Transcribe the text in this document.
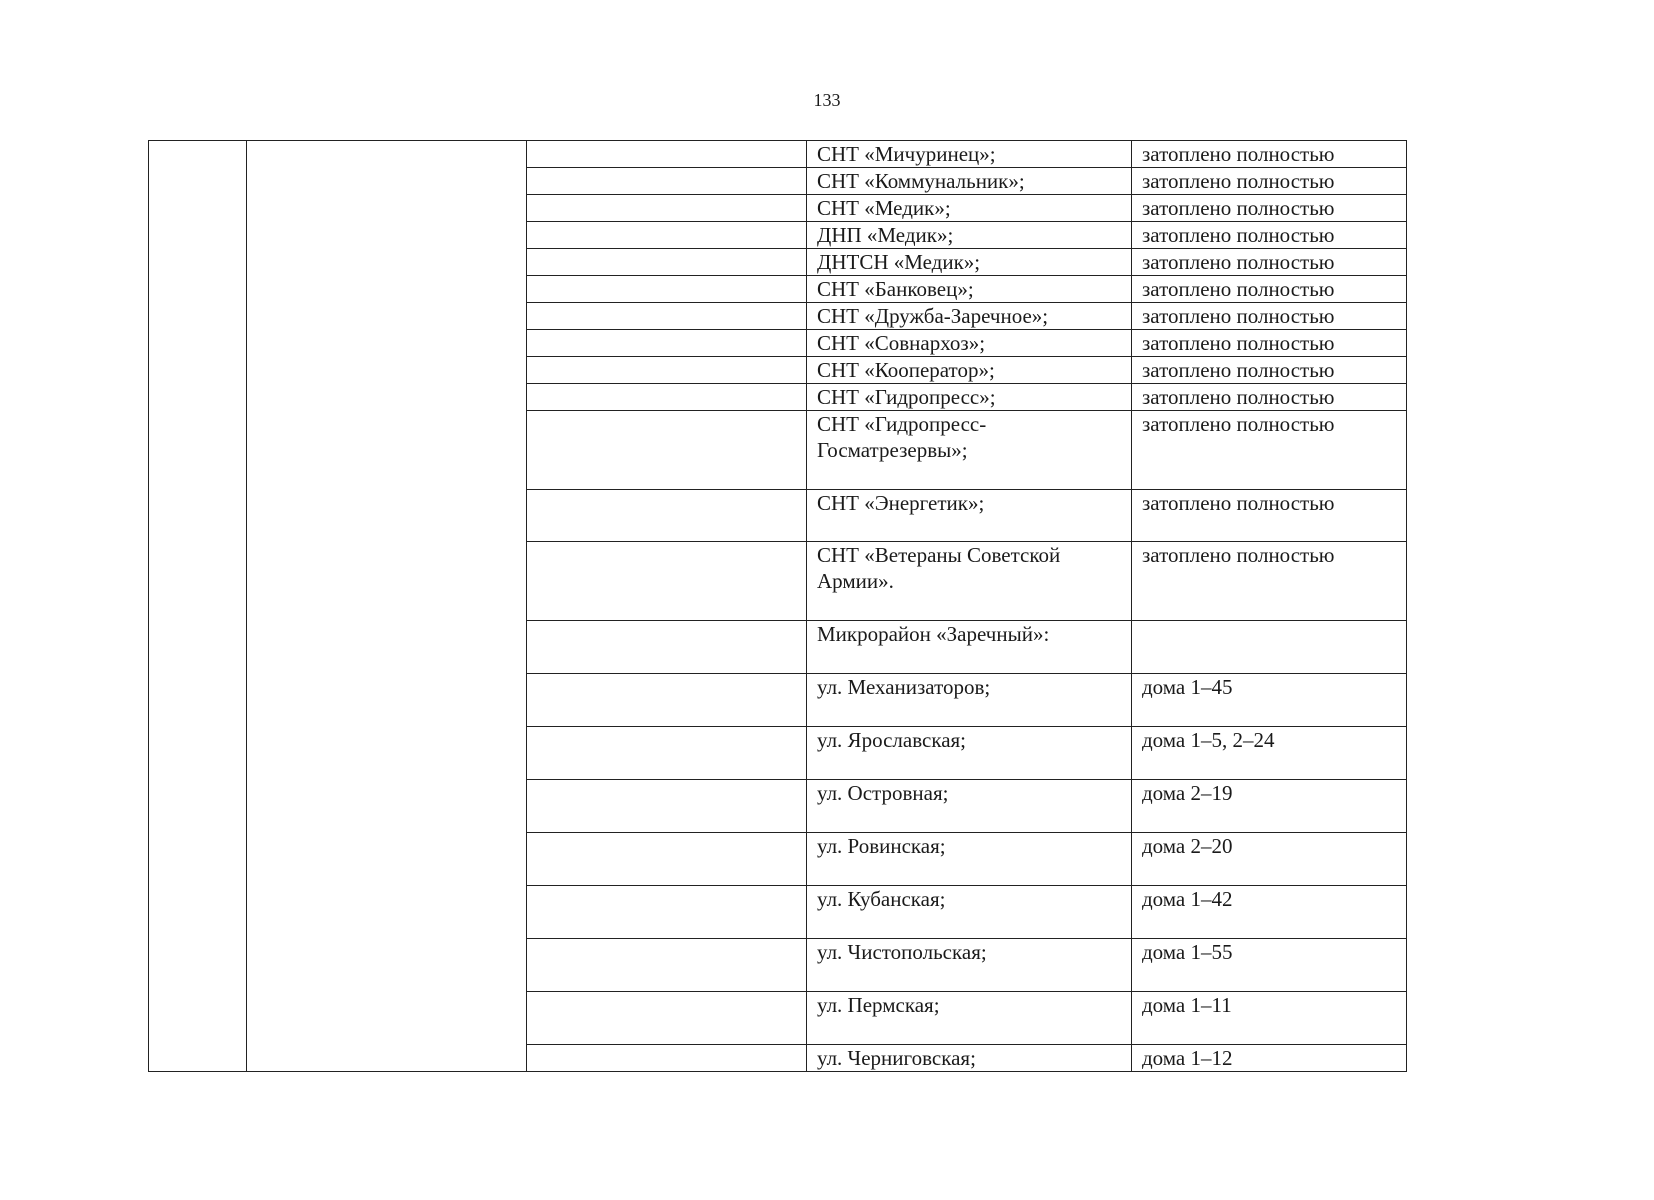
133
			СНТ «Мичуринец»;	затоплено полностью
			СНТ «Коммунальник»;	затоплено полностью
			СНТ «Медик»;	затоплено полностью
			ДНП «Медик»;	затоплено полностью
			ДНТСН «Медик»;	затоплено полностью
			СНТ «Банковец»;	затоплено полностью
			СНТ «Дружба-Заречное»;	затоплено полностью
			СНТ «Совнархоз»;	затоплено полностью
			СНТ «Кооператор»;	затоплено полностью
			СНТ «Гидропресс»;	затоплено полностью
			СНТ «Гидропресс-Госматрезервы»;	затоплено полностью
			СНТ «Энергетик»;	затоплено полностью
			СНТ «Ветераны Советской Армии».	затоплено полностью
			Микрорайон «Заречный»:	
			ул. Механизаторов;	дома 1–45
			ул. Ярославская;	дома 1–5, 2–24
			ул. Островная;	дома 2–19
			ул. Ровинская;	дома 2–20
			ул. Кубанская;	дома 1–42
			ул. Чистопольская;	дома 1–55
			ул. Пермская;	дома 1–11
			ул. Черниговская;	дома 1–12
